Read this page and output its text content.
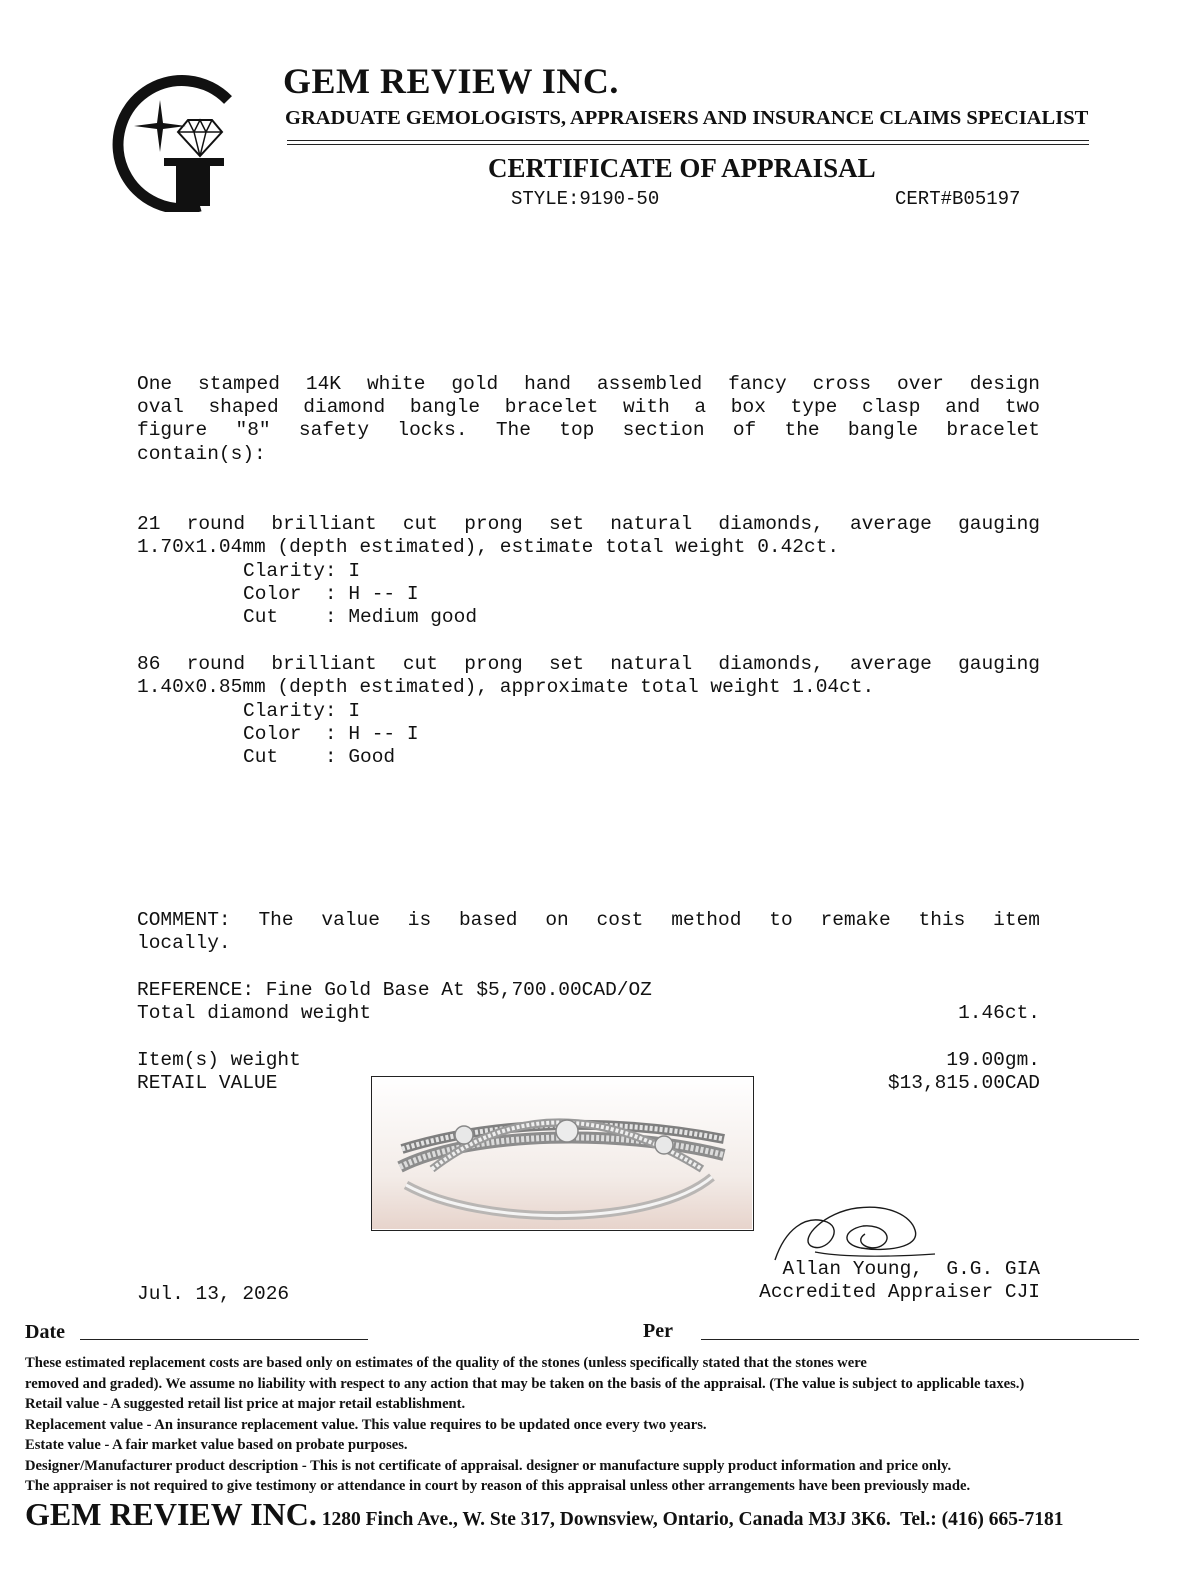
GEM REVIEW INC.
GRADUATE GEMOLOGISTS, APPRAISERS AND INSURANCE CLAIMS SPECIALIST
CERTIFICATE OF APPRAISAL
STYLE:9190-50	CERT#B05197
One stamped 14K white gold hand assembled fancy cross over design
oval shaped diamond bangle bracelet with a box type clasp and two
figure "8" safety locks. The top section of the bangle bracelet
contain(s):
21 round brilliant cut prong set natural diamonds, average gauging
1.70x1.04mm (depth estimated), estimate total weight 0.42ct.
Clarity: I
Color  : H -- I
Cut    : Medium good
86 round brilliant cut prong set natural diamonds, average gauging
1.40x0.85mm (depth estimated), approximate total weight 1.04ct.
Clarity: I
Color  : H -- I
Cut    : Good
COMMENT: The value is based on cost method to remake this item
locally.
REFERENCE: Fine Gold Base At $5,700.00CAD/OZ
Total diamond weight	1.46ct.
Item(s) weight	19.00gm.
RETAIL VALUE	$13,815.00CAD
Allan Young,  G.G. GIA
Accredited Appraiser CJI
Jul. 13, 2026
Date	Per
These estimated replacement costs are based only on estimates of the quality of the stones (unless specifically stated that the stones were
removed and graded). We assume no liability with respect to any action that may be taken on the basis of the appraisal. (The value is subject to applicable taxes.)
Retail value - A suggested retail list price at major retail establishment.
Replacement value - An insurance replacement value. This value requires to be updated once every two years.
Estate value - A fair market value based on probate purposes.
Designer/Manufacturer product description - This is not certificate of appraisal. designer or manufacture supply product information and price only.
The appraiser is not required to give testimony or attendance in court by reason of this appraisal unless other arrangements have been previously made.
GEM REVIEW INC. 1280 Finch Ave., W. Ste 317, Downsview, Ontario, Canada M3J 3K6.  Tel.: (416) 665-7181
